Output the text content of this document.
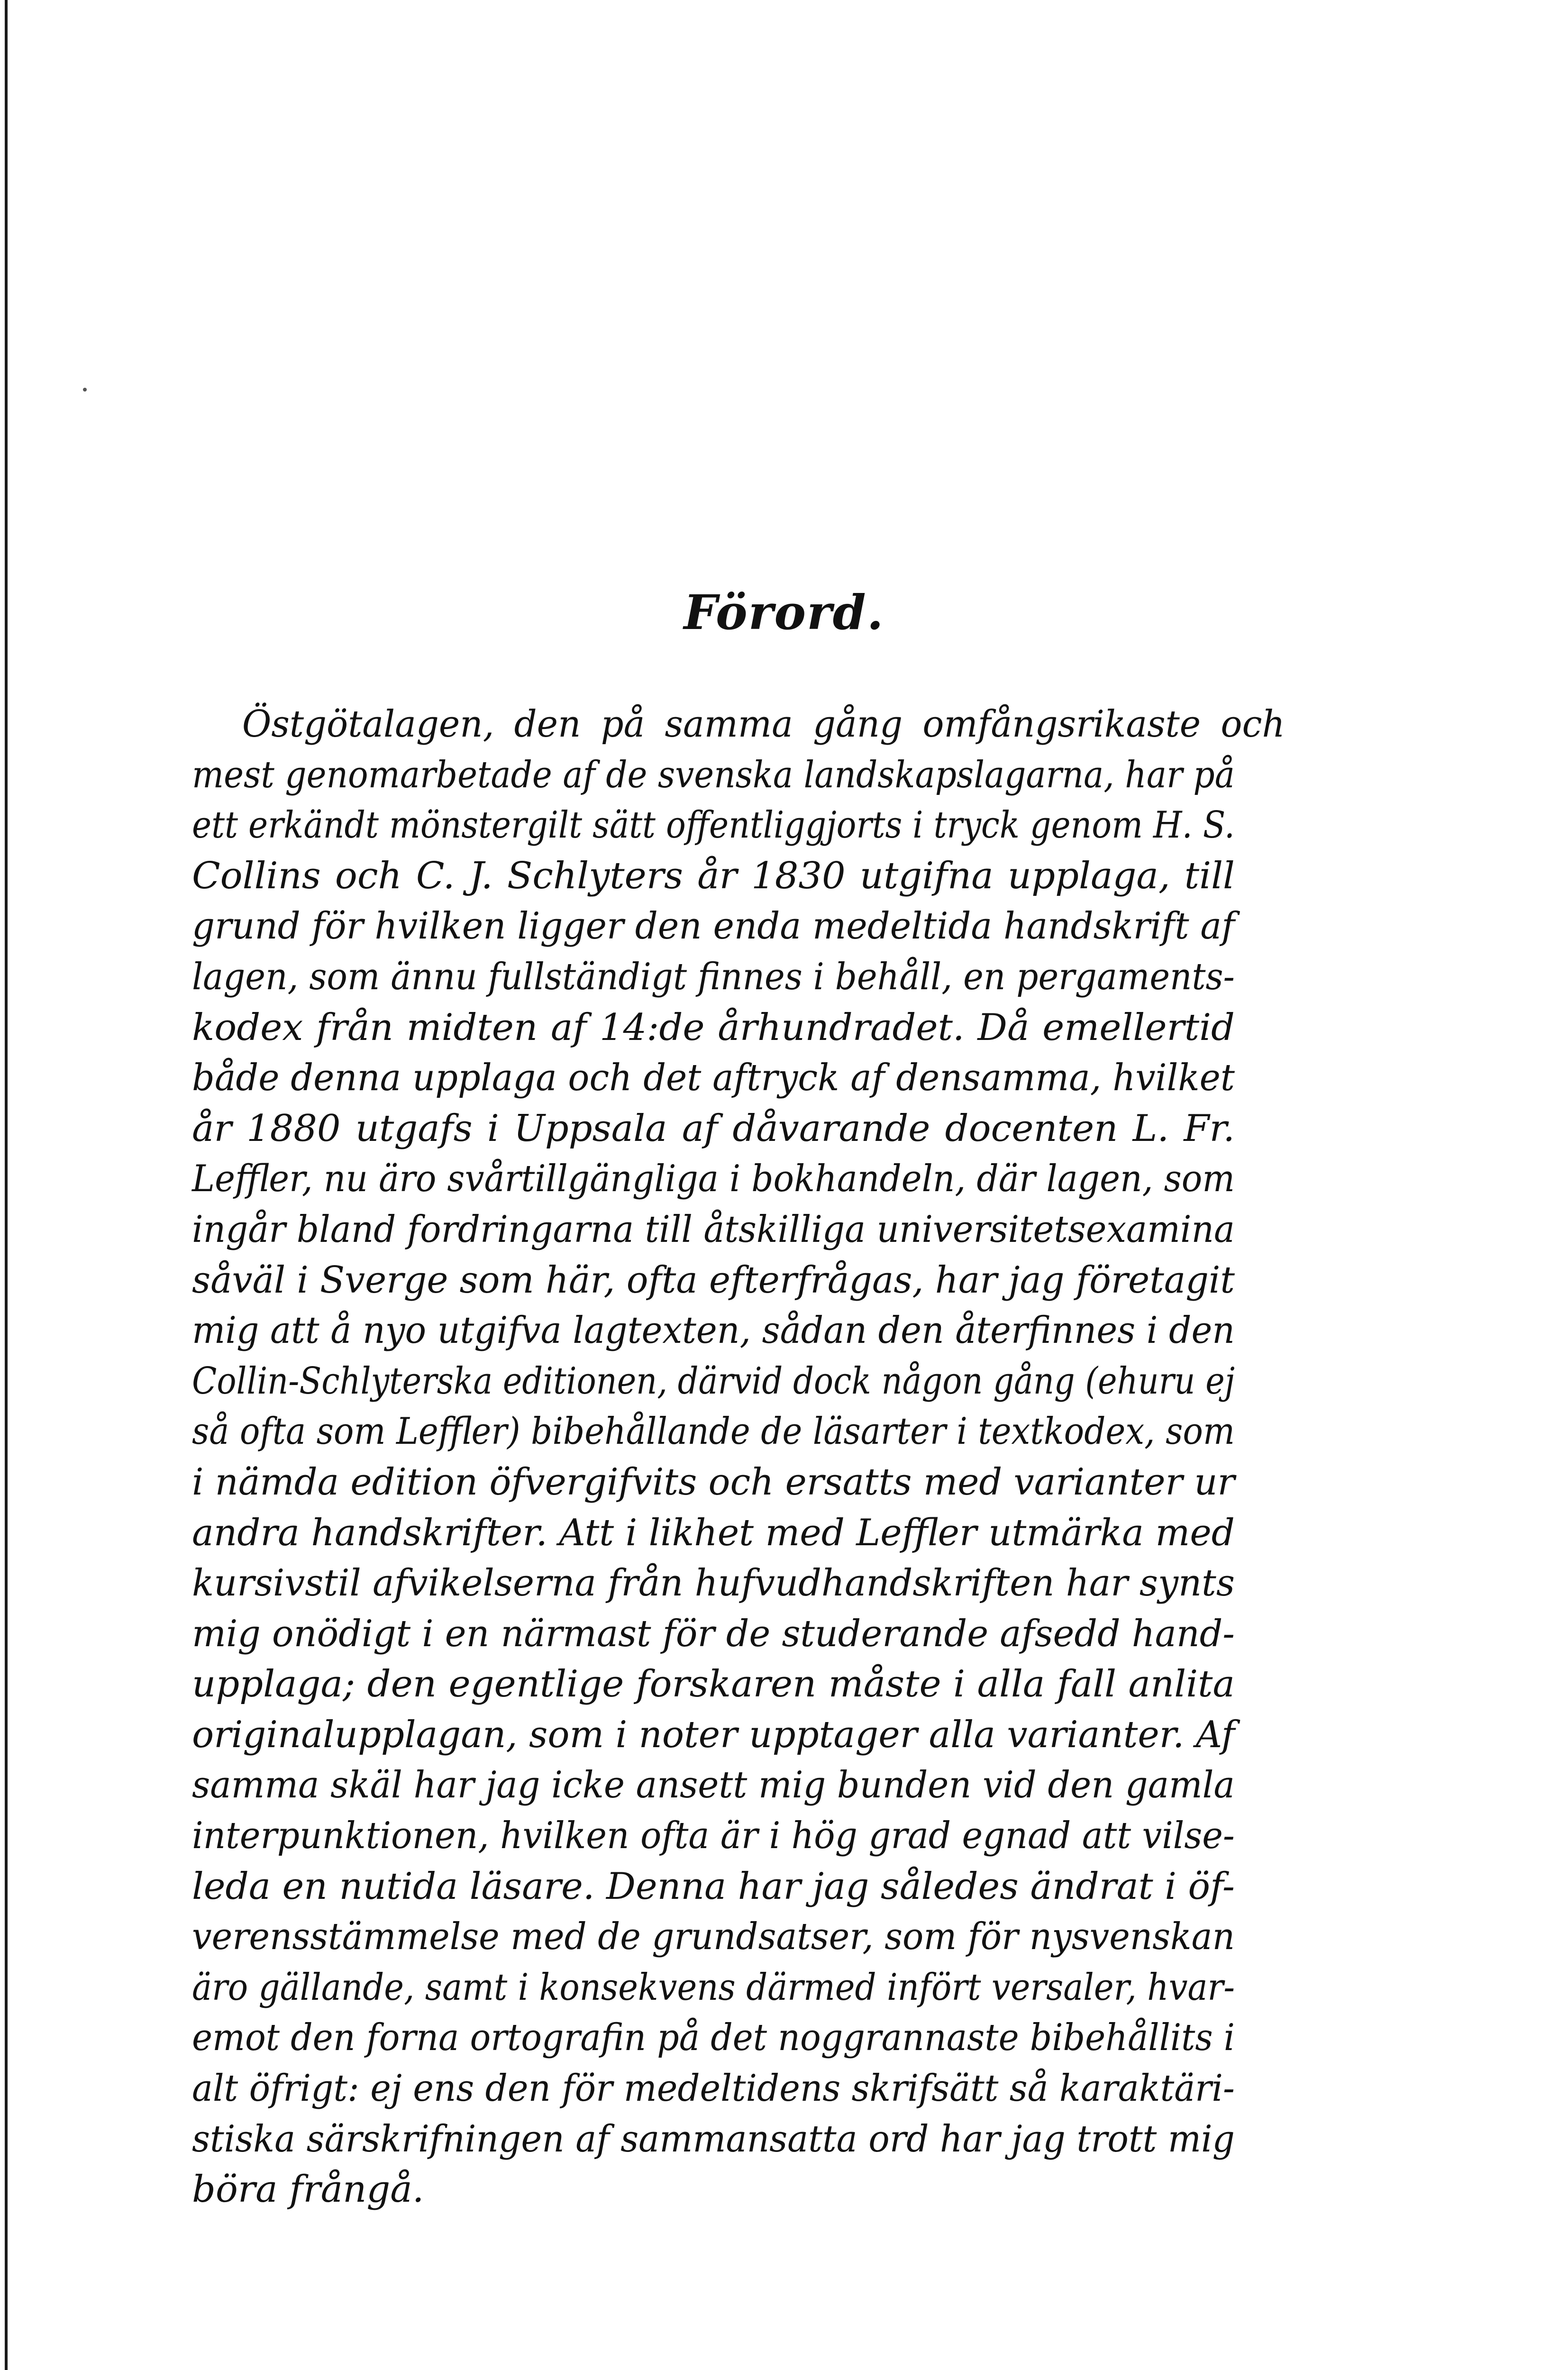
Förord.
Östgötalagen, den på samma gång omfångsrikaste och
mest genomarbetade af de svenska landskapslagarna, har på
ett erkändt mönstergilt sätt offentliggjorts i tryck genom H. S.
Collins och C. J. Schlyters år 1830 utgifna upplaga, till
grund för hvilken ligger den enda medeltida handskrift af
lagen, som ännu fullständigt finnes i behåll, en pergaments-
kodex från midten af 14:de århundradet. Då emellertid
både denna upplaga och det aftryck af densamma, hvilket
år 1880 utgafs i Uppsala af dåvarande docenten L. Fr.
Leffler, nu äro svårtillgängliga i bokhandeln, där lagen, som
ingår bland fordringarna till åtskilliga universitetsexamina
såväl i Sverge som här, ofta efterfrågas, har jag företagit
mig att å nyo utgifva lagtexten, sådan den återfinnes i den
Collin-Schlyterska editionen, därvid dock någon gång (ehuru ej
så ofta som Leffler) bibehållande de läsarter i textkodex, som
i nämda edition öfvergifvits och ersatts med varianter ur
andra handskrifter. Att i likhet med Leffler utmärka med
kursivstil afvikelserna från hufvudhandskriften har synts
mig onödigt i en närmast för de studerande afsedd hand-
upplaga; den egentlige forskaren måste i alla fall anlita
originalupplagan, som i noter upptager alla varianter. Af
samma skäl har jag icke ansett mig bunden vid den gamla
interpunktionen, hvilken ofta är i hög grad egnad att vilse-
leda en nutida läsare. Denna har jag således ändrat i öf-
verensstämmelse med de grundsatser, som för nysvenskan
äro gällande, samt i konsekvens därmed infört versaler, hvar-
emot den forna ortografin på det noggrannaste bibehållits i
alt öfrigt: ej ens den för medeltidens skrifsätt så karaktäri-
stiska särskrifningen af sammansatta ord har jag trott mig
böra frångå.
